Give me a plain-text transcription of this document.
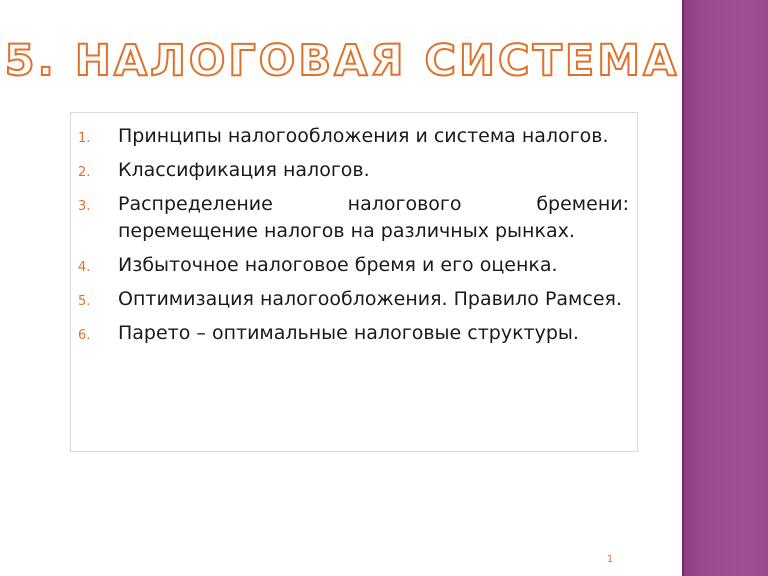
5. НАЛОГОВАЯ СИСТЕМА
1. Принципы налогообложения и система налогов.
2. Классификация налогов.
3. Распределение налогового бремени: перемещение налогов на различных рынках.
4. Избыточное налоговое бремя и его оценка.
5. Оптимизация налогообложения. Правило Рамсея.
6. Парето – оптимальные налоговые структуры.
1
